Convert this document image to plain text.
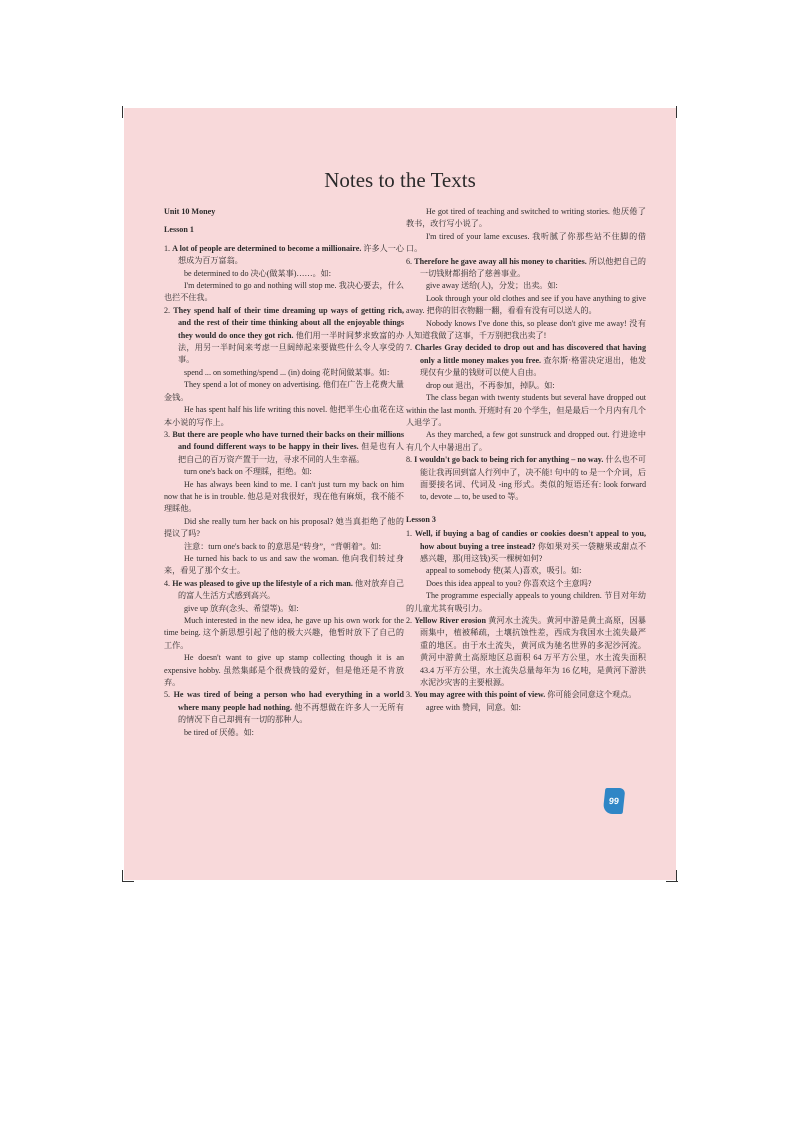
Notes to the Texts

Unit 10 Money

Lesson 1

1. A lot of people are determined to become a millionaire. 许多人一心想成为百万富翁。

be determined to do 决心(做某事)……。如:

I'm determined to go and nothing will stop me. 我决心要去，什么也拦不住我。

2. They spend half of their time dreaming up ways of getting rich, and the rest of their time thinking about all the enjoyable things they would do once they got rich. 他们用一半时间梦求致富的办法，用另一半时间来考虑一旦阔绰起来要做些什么令人享受的事。

spend ... on something/spend ... (in) doing 花时间做某事。如:

They spend a lot of money on advertising. 他们在广告上花费大量金钱。

He has spent half his life writing this novel. 他把半生心血花在这本小说的写作上。

3. But there are people who have turned their backs on their millions and found different ways to be happy in their lives. 但是也有人把自己的百万资产置于一边，寻求不同的人生幸福。

turn one's back on 不理睬，拒绝。如:

He has always been kind to me. I can't just turn my back on him now that he is in trouble. 他总是对我很好，现在他有麻烦，我不能不理睬他。

Did she really turn her back on his proposal? 她当真拒绝了他的提议了吗?

注意：turn one's back to 的意思是“转身”，“背朝着”。如:

He turned his back to us and saw the woman. 他向我们转过身来，看见了那个女士。

4. He was pleased to give up the lifestyle of a rich man. 他对放弃自己的富人生活方式感到高兴。

give up 放弃(念头、希望等)。如:

Much interested in the new idea, he gave up his own work for the time being. 这个新思想引起了他的极大兴趣，他暂时放下了自己的工作。

He doesn't want to give up stamp collecting though it is an expensive hobby. 虽然集邮是个很费钱的爱好，但是他还是不肯放弃。

5. He was tired of being a person who had everything in a world where many people had nothing. 他不再想做在许多人一无所有的情况下自己却拥有一切的那种人。

be tired of 厌倦。如:

He got tired of teaching and switched to writing stories. 他厌倦了教书，改行写小说了。

I'm tired of your lame excuses. 我听腻了你那些站不住脚的借口。

6. Therefore he gave away all his money to charities. 所以他把自己的一切钱财都捐给了慈善事业。

give away 送给(人)，分发；出卖。如:

Look through your old clothes and see if you have anything to give away. 把你的旧衣物翻一翻，看看有没有可以送人的。

Nobody knows I've done this, so please don't give me away! 没有人知道我做了这事，千万别把我出卖了!

7. Charles Gray decided to drop out and has discovered that having only a little money makes you free. 查尔斯·格雷决定退出，他发现仅有少量的钱财可以使人自由。

drop out 退出，不再参加，掉队。如:

The class began with twenty students but several have dropped out within the last month. 开班时有 20 个学生，但是最后一个月内有几个人退学了。

As they marched, a few got sunstruck and dropped out. 行进途中有几个人中暑退出了。

8. I wouldn't go back to being rich for anything – no way. 什么也不可能让我再回到富人行列中了，决不能! 句中的 to 是一个介词，后面要接名词、代词及 -ing 形式。类似的短语还有: look forward to, devote ... to, be used to 等。

Lesson 3

1. Well, if buying a bag of candies or cookies doesn't appeal to you, how about buying a tree instead? 你如果对买一袋糖果或甜点不感兴趣，那(用这钱)买一棵树如何?

appeal to somebody 使(某人)喜欢，吸引。如:

Does this idea appeal to you? 你喜欢这个主意吗?

The programme especially appeals to young children. 节目对年幼的儿童尤其有吸引力。

2. Yellow River erosion 黄河水土流失。黄河中游是黄土高原，因暴雨集中，植被稀疏，土壤抗蚀性差，西成为我国水土流失最严重的地区。由于水土流失，黄河成为驰名世界的多泥沙河流。黄河中游黄土高原地区总面积 64 万平方公里，水土流失面积 43.4 万平方公里，水土流失总量每年为 16 亿吨，是黄河下游洪水泥沙灾害的主要根源。

3. You may agree with this point of view. 你可能会同意这个观点。

agree with 赞同，同意。如:

99
